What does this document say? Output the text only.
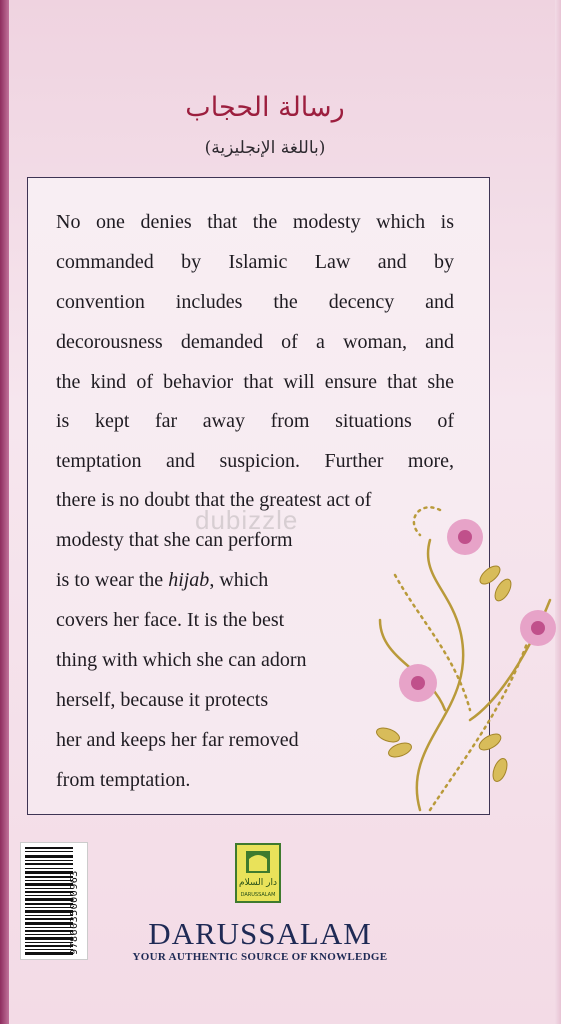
رسالة الحجاب
(باللغة الإنجليزية)
No one denies that the modesty which is
commanded by Islamic Law and by
convention includes the decency and
decorousness demanded of a woman, and
the kind of behavior that will ensure that she
is kept far away from situations of
temptation and suspicion. Further more,
there is no doubt that the greatest act of
modesty that she can perform
is to wear the hijab, which
covers her face. It is the best
thing with which she can adorn
herself, because it protects
her and keeps her far removed
from temptation.
dubizzle
9786035000963	دار السلام
DARUSSALAM
DARUSSALAM
YOUR AUTHENTIC SOURCE OF KNOWLEDGE
